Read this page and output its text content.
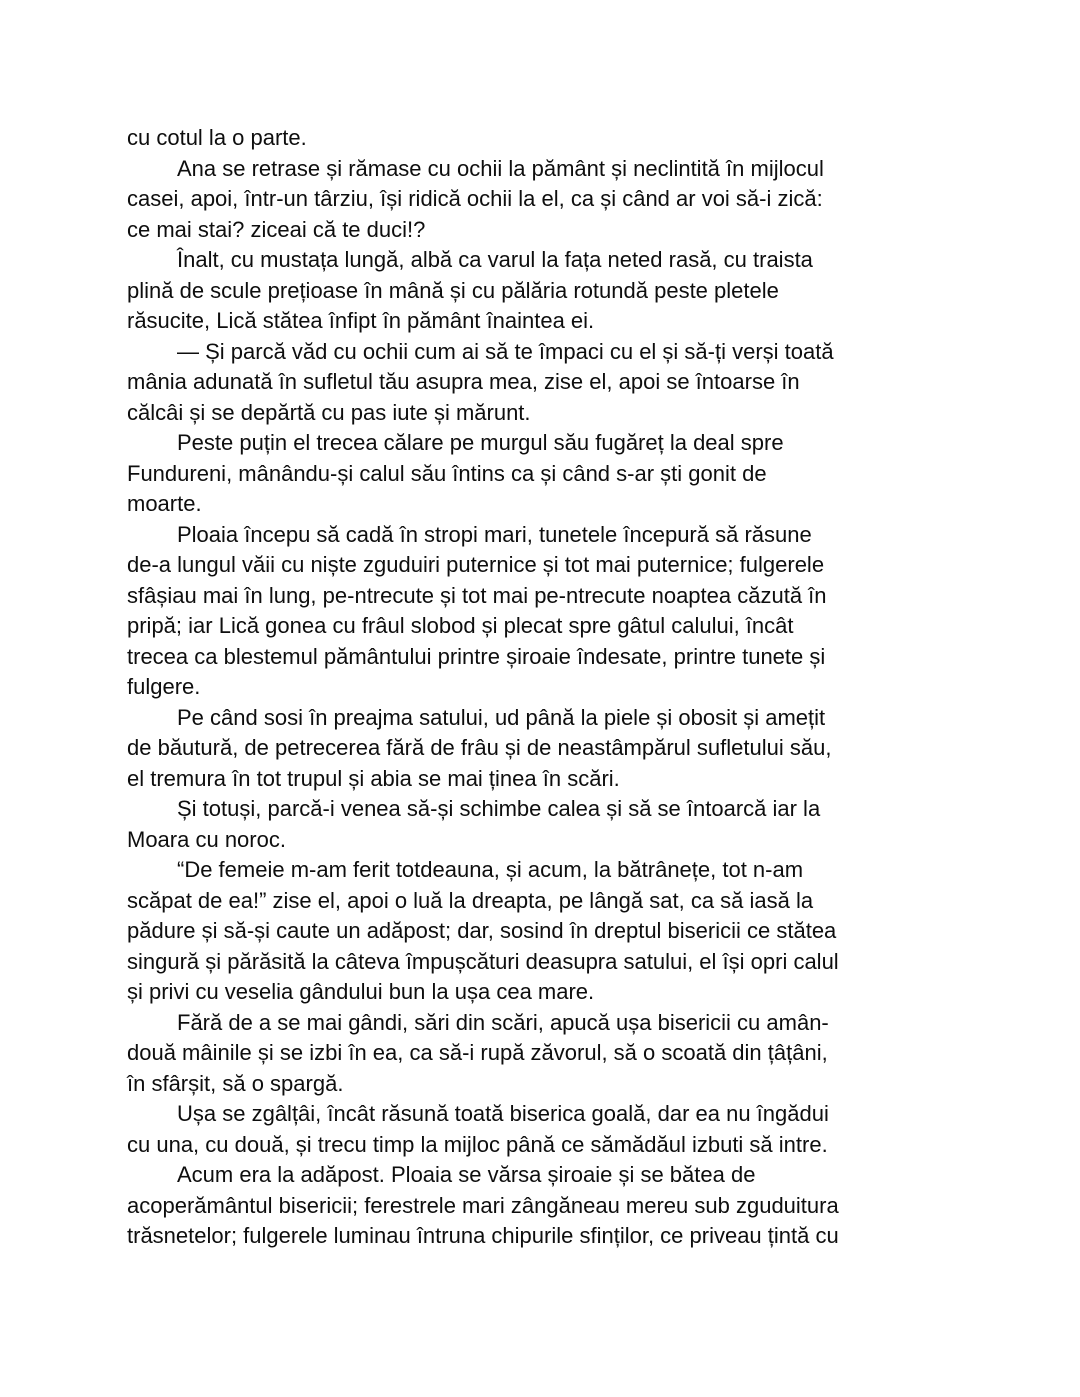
cu cotul la o parte.
Ana se retrase și rămase cu ochii la pământ și neclintită în mijlocul
casei, apoi, într-un târziu, își ridică ochii la el, ca și când ar voi să-i zică:
ce mai stai? ziceai că te duci!?
Înalt, cu mustața lungă, albă ca varul la fața neted rasă, cu traista
plină de scule prețioase în mână și cu pălăria rotundă peste pletele
răsucite, Lică stătea înfipt în pământ înaintea ei.
— Și parcă văd cu ochii cum ai să te împaci cu el și să-ți verși toată
mânia adunată în sufletul tău asupra mea, zise el, apoi se întoarse în
călcâi și se depărtă cu pas iute și mărunt.
Peste puțin el trecea călare pe murgul său fugăreț la deal spre
Fundureni, mânându-și calul său întins ca și când s-ar ști gonit de
moarte.
Ploaia începu să cadă în stropi mari, tunetele începură să răsune
de-a lungul văii cu niște zguduiri puternice și tot mai puternice; fulgerele
sfâșiau mai în lung, pe-ntrecute și tot mai pe-ntrecute noaptea căzută în
pripă; iar Lică gonea cu frâul slobod și plecat spre gâtul calului, încât
trecea ca blestemul pământului printre șiroaie îndesate, printre tunete și
fulgere.
Pe când sosi în preajma satului, ud până la piele și obosit și amețit
de băutură, de petrecerea fără de frâu și de neastâmpărul sufletului său,
el tremura în tot trupul și abia se mai ținea în scări.
Și totuși, parcă-i venea să-și schimbe calea și să se întoarcă iar la
Moara cu noroc.
“De femeie m-am ferit totdeauna, și acum, la bătrânețe, tot n-am
scăpat de ea!” zise el, apoi o luă la dreapta, pe lângă sat, ca să iasă la
pădure și să-și caute un adăpost; dar, sosind în dreptul bisericii ce stătea
singură și părăsită la câteva împușcături deasupra satului, el își opri calul
și privi cu veselia gândului bun la ușa cea mare.
Fără de a se mai gândi, sări din scări, apucă ușa bisericii cu amân-
două mâinile și se izbi în ea, ca să-i rupă zăvorul, să o scoată din țâțâni,
în sfârșit, să o spargă.
Ușa se zgâlțâi, încât răsună toată biserica goală, dar ea nu îngădui
cu una, cu două, și trecu timp la mijloc până ce sămădăul izbuti să intre.
Acum era la adăpost. Ploaia se vărsa șiroaie și se bătea de
acoperământul bisericii; ferestrele mari zângăneau mereu sub zguduitura
trăsnetelor; fulgerele luminau întruna chipurile sfinților, ce priveau țintă cu
